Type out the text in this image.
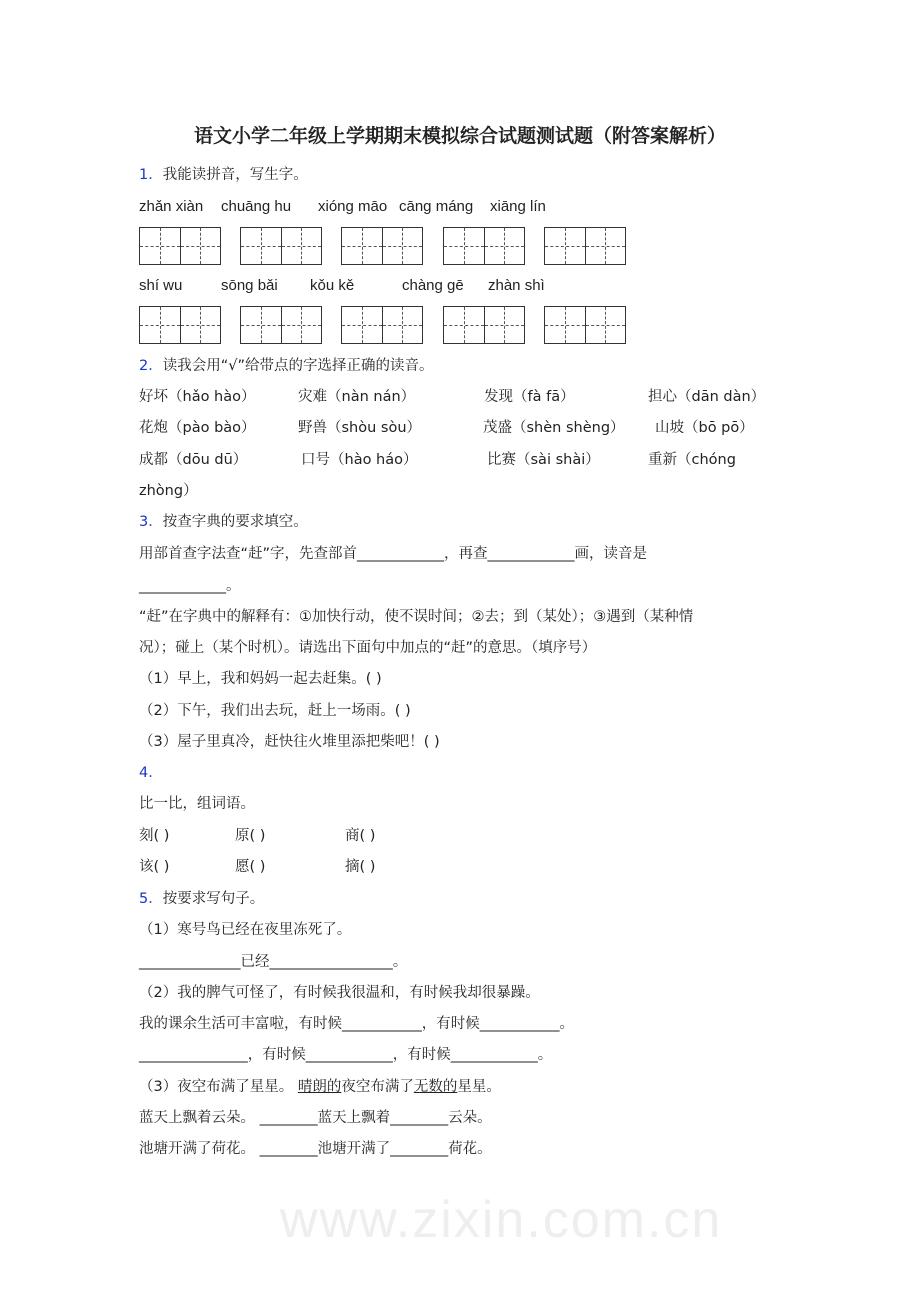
www.zixin.com.cn
语文小学二年级上学期期末模拟综合试题测试题（附答案解析）
1．我能读拼音，写生字。
zhǎn xiàn chuāng hu xióng māo cāng máng xiāng lín
shí wu	sōng bǎi kǒu kě	chàng gē zhàn shì
2．读我会用“√”给带点的字选择正确的读音。
好坏（hǎo hào）	灾难（nàn nán）	发现（fà fā）	担心（dān dàn）
花炮（pào bào）	野兽（shòu sòu）	茂盛（shèn shèng） 山坡（bō pō）
成都（dōu dū）	口号（hào háo）	比赛（sài shài）	重新（chóng
zhòng）
3．按查字典的要求填空。
用部首查字法查“赶”字，先查部首____________，再查____________画，读音是
____________。
“赶”在字典中的解释有：①加快行动，使不误时间；②去；到（某处）；③遇到（某种情
况）；碰上（某个时机）。请选出下面句中加点的“赶”的意思。（填序号）
（1）早上，我和妈妈一起去赶集。( )
（2）下午，我们出去玩，赶上一场雨。( )
（3）屋子里真冷，赶快往火堆里添把柴吧！( )
4．
比一比，组词语。
刻( )	原( )	商( )
该( )	愿( )	摘( )
5．按要求写句子。
（1）寒号鸟已经在夜里冻死了。
______________已经_________________。
（2）我的脾气可怪了，有时候我很温和，有时候我却很暴躁。
我的课余生活可丰富啦，有时候___________，有时候___________。
_______________，有时候____________，有时候____________。
（3）夜空布满了星星。 晴朗的夜空布满了无数的星星。
蓝天上飘着云朵。 ________蓝天上飘着________云朵。
池塘开满了荷花。 ________池塘开满了________荷花。
